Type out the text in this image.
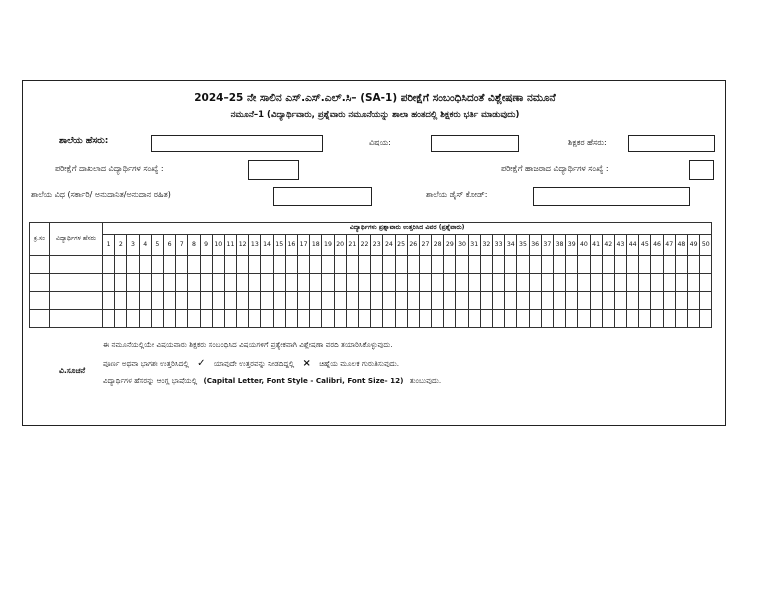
2024–25 ನೇ ಸಾಲಿನ ಎಸ್.ಎಸ್.ಎಲ್.ಸಿ– (SA-1) ಪರೀಕ್ಷೆಗೆ ಸಂಬಂಧಿಸಿದಂತೆ ವಿಶ್ಲೇಷಣಾ ನಮೂನೆ
ನಮೂನೆ–1 (ವಿದ್ಯಾರ್ಥಿವಾರು, ಪ್ರಶ್ನೆವಾರು ನಮೂನೆಯನ್ನು ಶಾಲಾ ಹಂತದಲ್ಲಿ ಶಿಕ್ಷಕರು ಭರ್ತಿ ಮಾಡುವುದು)
ಶಾಲೆಯ ಹೆಸರು:	ವಿಷಯ:	ಶಿಕ್ಷಕರ ಹೆಸರು:
ಪರೀಕ್ಷೆಗೆ ದಾಖಲಾದ ವಿದ್ಯಾರ್ಥಿಗಳ ಸಂಖ್ಯೆ :	ಪರೀಕ್ಷೆಗೆ ಹಾಜರಾದ ವಿದ್ಯಾರ್ಥಿಗಳ ಸಂಖ್ಯೆ :
ಶಾಲೆಯ ವಿಧ (ಸರ್ಕಾರಿ/ ಅನುದಾನಿತ/ಅನುದಾನ ರಹಿತ)	ಶಾಲೆಯ ಡೈಸ್ ಕೋಡ್:
ಕ್ರ.ಸಂ	ವಿದ್ಯಾರ್ಥಿಗಳ ಹೆಸರು	ವಿದ್ಯಾರ್ಥಿಗಳು ಪ್ರಶ್ನಾವಾರು ಉತ್ತರಿಸಿದ ವಿವರ (ಪ್ರಶ್ನೆವಾರು)																																																	
		1	2	3	4	5	6	7	8	9	10	11	12	13	14	15	16	17	18	19	20	21	22	23	24	25	26	27	28	29	30	31	32	33	34	35	36	37	38	39	40	41	42	43	44	45	46	47	48	49	50

ವಿ.ಸೂಚನೆ
ಈ ನಮೂನೆಯಲ್ಲಿಯೇ ವಿಷಯವಾರು ಶಿಕ್ಷಕರು ಸಂಬಂಧಿಸಿದ ವಿಷಯಗಳಿಗೆ ಪ್ರತ್ಯೇಕವಾಗಿ ವಿಶ್ಲೇಷಣಾ ವರದಿ ತಯಾರಿಸಿಕೊಳ್ಳುವುದು.
ಪೂರ್ಣ ಅಥವಾ ಭಾಗಶಃ ಉತ್ತರಿಸಿದಲ್ಲಿ ✓ ಯಾವುದೇ ಉತ್ತರವನ್ನು ನೀಡದಿದ್ದಲ್ಲಿ × ಚಿಹ್ನೆಯ ಮೂಲಕ ಗುರುತಿಸುವುದು.
ವಿದ್ಯಾರ್ಥಿಗಳ ಹೆಸರನ್ನು ಆಂಗ್ಲ ಭಾಷೆಯಲ್ಲಿ (Capital Letter, Font Style - Calibri, Font Size- 12) ತುಂಬುವುದು.
